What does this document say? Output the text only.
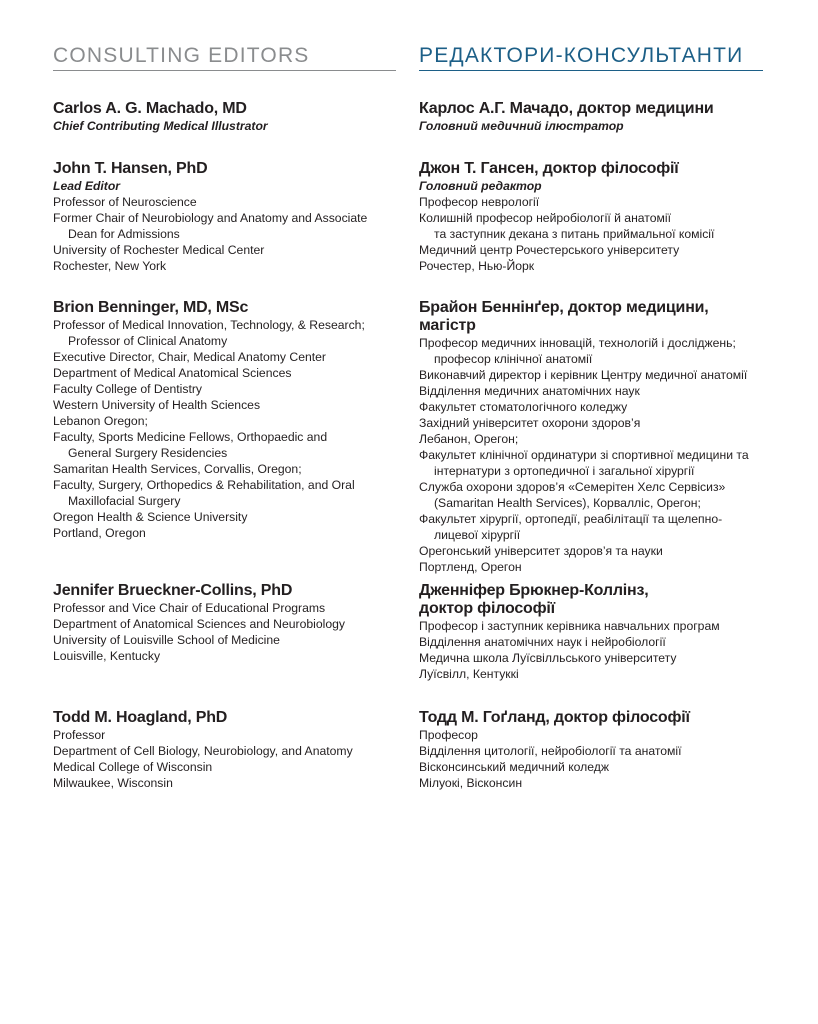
CONSULTING EDITORS	РЕДАКТОРИ-КОНСУЛЬТАНТИ

Carlos A. G. Machado, MD

Chief Contributing Medical Illustrator

John T. Hansen, PhD

Lead Editor

Professor of Neuroscience
Former Chair of Neurobiology and Anatomy and Associate
Dean for Admissions
University of Rochester Medical Center
Rochester, New York

Brion Benninger, MD, MSc

Professor of Medical Innovation, Technology, & Research;
Professor of Clinical Anatomy
Executive Director, Chair, Medical Anatomy Center
Department of Medical Anatomical Sciences
Faculty College of Dentistry
Western University of Health Sciences
Lebanon Oregon;
Faculty, Sports Medicine Fellows, Orthopaedic and
General Surgery Residencies
Samaritan Health Services, Corvallis, Oregon;
Faculty, Surgery, Orthopedics & Rehabilitation, and Oral
Maxillofacial Surgery
Oregon Health & Science University
Portland, Oregon

Jennifer Brueckner-Collins, PhD

Professor and Vice Chair of Educational Programs
Department of Anatomical Sciences and Neurobiology
University of Louisville School of Medicine
Louisville, Kentucky

Todd M. Hoagland, PhD

Professor
Department of Cell Biology, Neurobiology, and Anatomy
Medical College of Wisconsin
Milwaukee, Wisconsin

Карлос А.Г. Мачадо, доктор медицини

Головний медичний ілюстратор

Джон Т. Гансен, доктор філософії

Головний редактор

Професор неврології
Колишній професор нейробіології й анатомії
та заступник декана з питань приймальної комісії
Медичний центр Рочестерського університету
Рочестер, Нью-Йорк

Брайон Беннінґер, доктор медицини,

магістр

Професор медичних інновацій, технологій і досліджень;
професор клінічної анатомії
Виконавчий директор і керівник Центру медичної анатомії
Відділення медичних анатомічних наук
Факультет стоматологічного коледжу
Західний університет охорони здоров’я
Лебанон, Орегон;
Факультет клінічної ординатури зі спортивної медицини та
інтернатури з ортопедичної і загальної хірургії
Служба охорони здоров’я «Семерітен Хелс Сервісиз»
(Samaritan Health Services), Корвалліс, Орегон;
Факультет хірургії, ортопедії, реабілітації та щелепно-
лицевої хірургії
Орегонський університет здоров’я та науки
Портленд, Орегон

Дженніфер Брюкнер-Коллінз,

доктор філософії

Професор і заступник керівника навчальних програм
Відділення анатомічних наук і нейробіології
Медична школа Луїсвілльського університету
Луїсвілл, Кентуккі

Тодд М. Гоґланд, доктор філософії

Професор
Відділення цитології, нейробіології та анатомії
Вісконсинський медичний коледж
Мілуокі, Вісконсин
